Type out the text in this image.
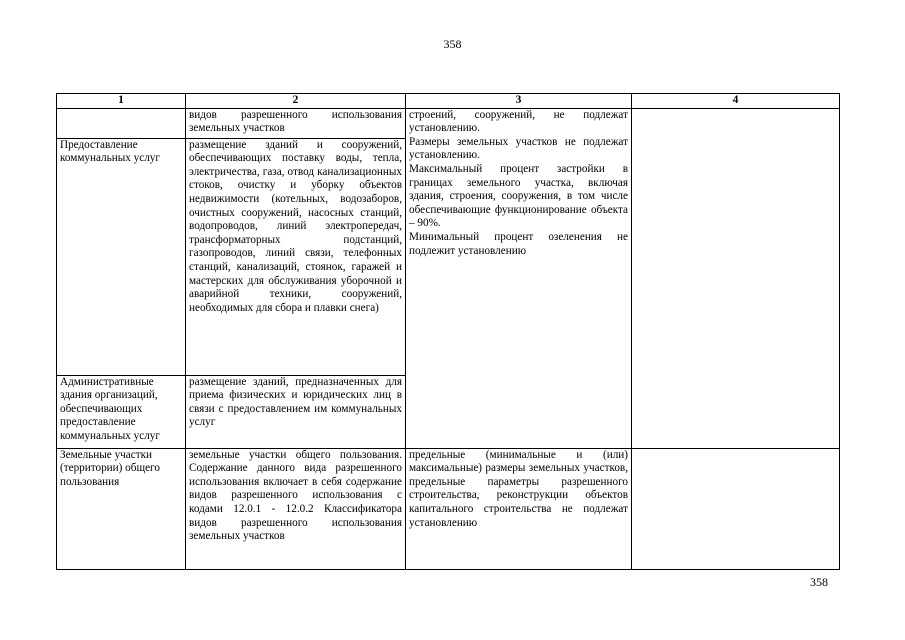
358
1	2	3	4
	видов разрешенного использования земельных участков	строений, сооружений, не подлежат установлению.
Размеры земельных участков не подлежат установлению.
Максимальный процент застройки в границах земельного участка, включая здания, строения, сооружения, в том числе обеспечивающие функционирование объекта – 90%.
Минимальный процент озеленения не подлежит установлению	

Предоставление коммунальных услуг	размещение зданий и сооружений, обеспечивающих поставку воды, тепла, электричества, газа, отвод канализационных стоков, очистку и уборку объектов недвижимости (котельных, водозаборов, очистных сооружений, насосных станций, водопроводов, линий электропередач, трансформаторных подстанций, газопроводов, линий связи, телефонных станций, канализаций, стоянок, гаражей и мастерских для обслуживания уборочной и аварийной техники, сооружений, необходимых для сбора и плавки снега)		
Административные здания организаций, обеспечивающих предоставление коммунальных услуг	размещение зданий, предназначенных для приема физических и юридических лиц в связи с предоставлением им коммунальных услуг		
Земельные участки (территории) общего пользования	земельные участки общего пользования. Содержание данного вида разрешенного использования включает в себя содержание видов разрешенного использования с кодами 12.0.1 - 12.0.2 Классификатора видов разрешенного использования земельных участков	предельные (минимальные и (или) максимальные) размеры земельных участков, предельные параметры разрешенного строительства, реконструкции объектов капитального строительства не подлежат установлению	
358
